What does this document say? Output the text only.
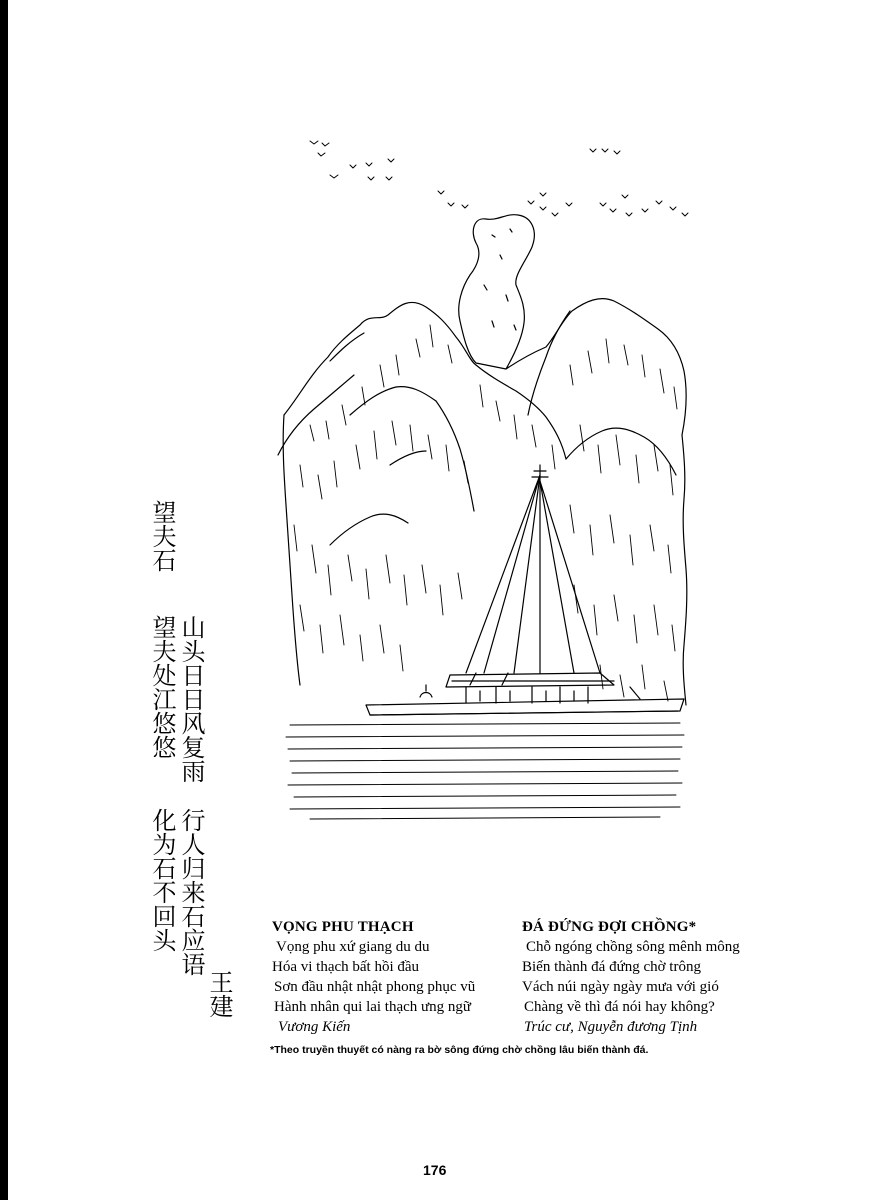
望夫石
山头日日风复雨
望夫处江悠悠
行人归来石应语
化为石不回头
王建
VỌNG PHU THẠCH
Vọng phu xứ giang du du
Hóa vi thạch bất hồi đầu
Sơn đầu nhật nhật phong phục vũ
Hành nhân qui lai thạch ưng ngữ
Vương Kiến
ĐÁ ĐỨNG ĐỢI CHỒNG*
Chỗ ngóng chồng sông mênh mông
Biến thành đá đứng chờ trông
Vách núi ngày ngày mưa với gió
Chàng về thì đá nói hay không?
Trúc cư, Nguyễn đương Tịnh
*Theo truyền thuyết có nàng ra bờ sông đứng chờ chồng lâu biến thành đá.
176
